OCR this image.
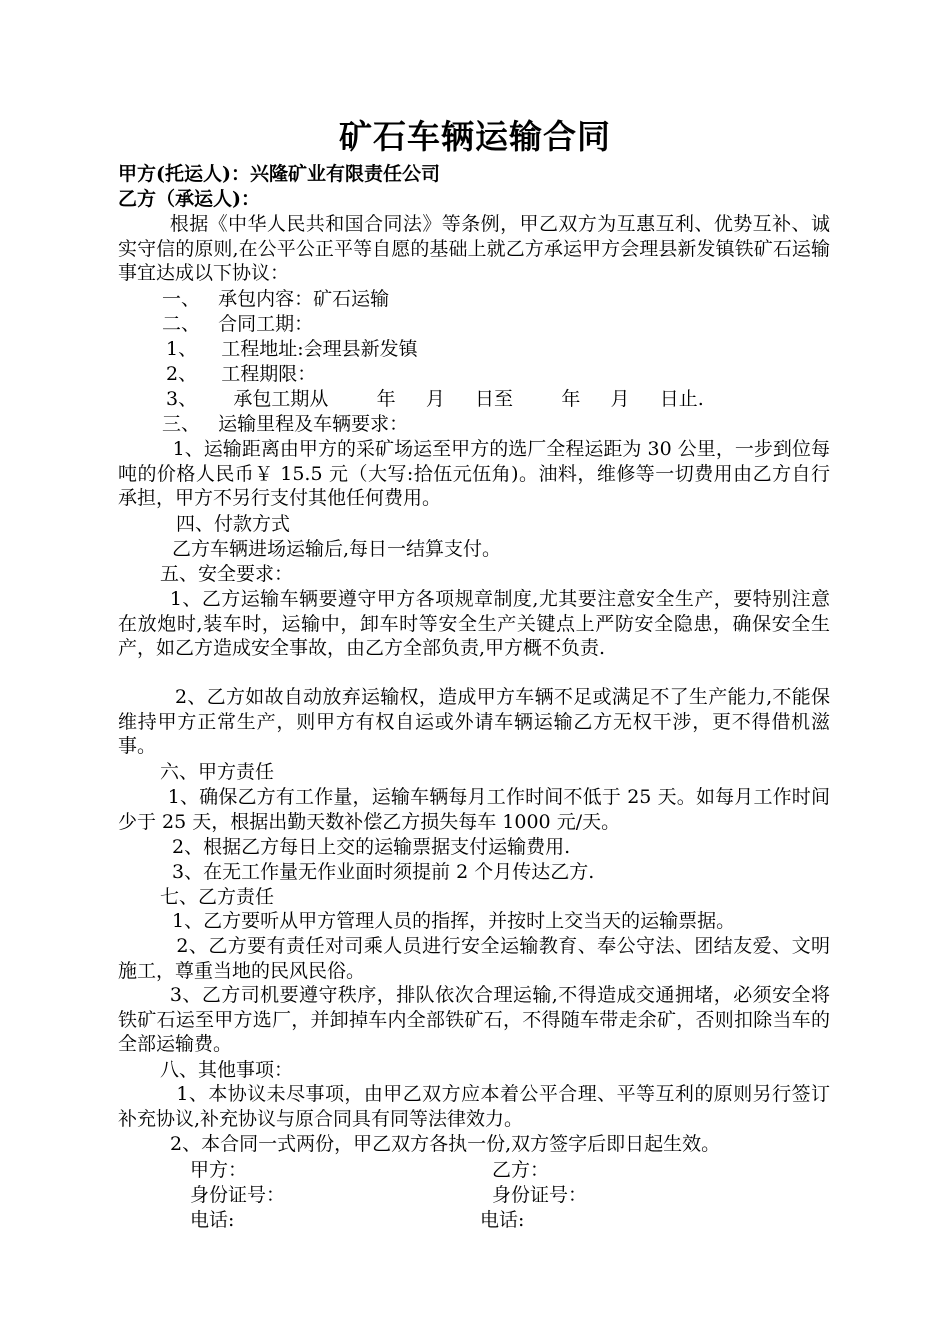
矿石车辆运输合同
甲方(托运人)：兴隆矿业有限责任公司
乙方（承运人)：
根据《中华人民共和国合同法》等条例，甲乙双方为互惠互利、优势互补、诚实守信的原则,在公平公正平等自愿的基础上就乙方承运甲方会理县新发镇铁矿石运输事宜达成以下协议：
一、   承包内容：矿石运输
二、   合同工期：
1、    工程地址:会理县新发镇
2、    工程期限：
3、      承包工期从        年     月     日至        年     月     日止.
三、   运输里程及车辆要求：
1、运输距离由甲方的采矿场运至甲方的选厂全程运距为 30 公里，一步到位每吨的价格人民币￥ 15.5 元（大写:拾伍元伍角)。油料，维修等一切费用由乙方自行承担，甲方不另行支付其他任何费用。
四、付款方式
乙方车辆进场运输后,每日一结算支付。
五、安全要求：
1、乙方运输车辆要遵守甲方各项规章制度,尤其要注意安全生产，要特别注意在放炮时,装车时，运输中，卸车时等安全生产关键点上严防安全隐患，确保安全生产，如乙方造成安全事故，由乙方全部负责,甲方概不负责.
2、乙方如故自动放弃运输权，造成甲方车辆不足或满足不了生产能力,不能保维持甲方正常生产，则甲方有权自运或外请车辆运输乙方无权干涉，更不得借机滋事。
六、甲方责任
1、确保乙方有工作量，运输车辆每月工作时间不低于 25 天。如每月工作时间少于 25 天，根据出勤天数补偿乙方损失每车 1000 元/天。
2、根据乙方每日上交的运输票据支付运输费用.
3、在无工作量无作业面时须提前 2 个月传达乙方.
七、乙方责任
1、乙方要听从甲方管理人员的指挥，并按时上交当天的运输票据。
2、乙方要有责任对司乘人员进行安全运输教育、奉公守法、团结友爱、文明施工，尊重当地的民风民俗。
3、乙方司机要遵守秩序，排队依次合理运输,不得造成交通拥堵，必须安全将铁矿石运至甲方选厂，并卸掉车内全部铁矿石，不得随车带走余矿，否则扣除当车的全部运输费。
八、其他事项：
1、本协议未尽事项，由甲乙双方应本着公平合理、平等互利的原则另行签订补充协议,补充协议与原合同具有同等法律效力。
2、本合同一式两份，甲乙双方各执一份,双方签字后即日起生效。
甲方：	乙方：
身份证号：	身份证号：
电话:	电话:
